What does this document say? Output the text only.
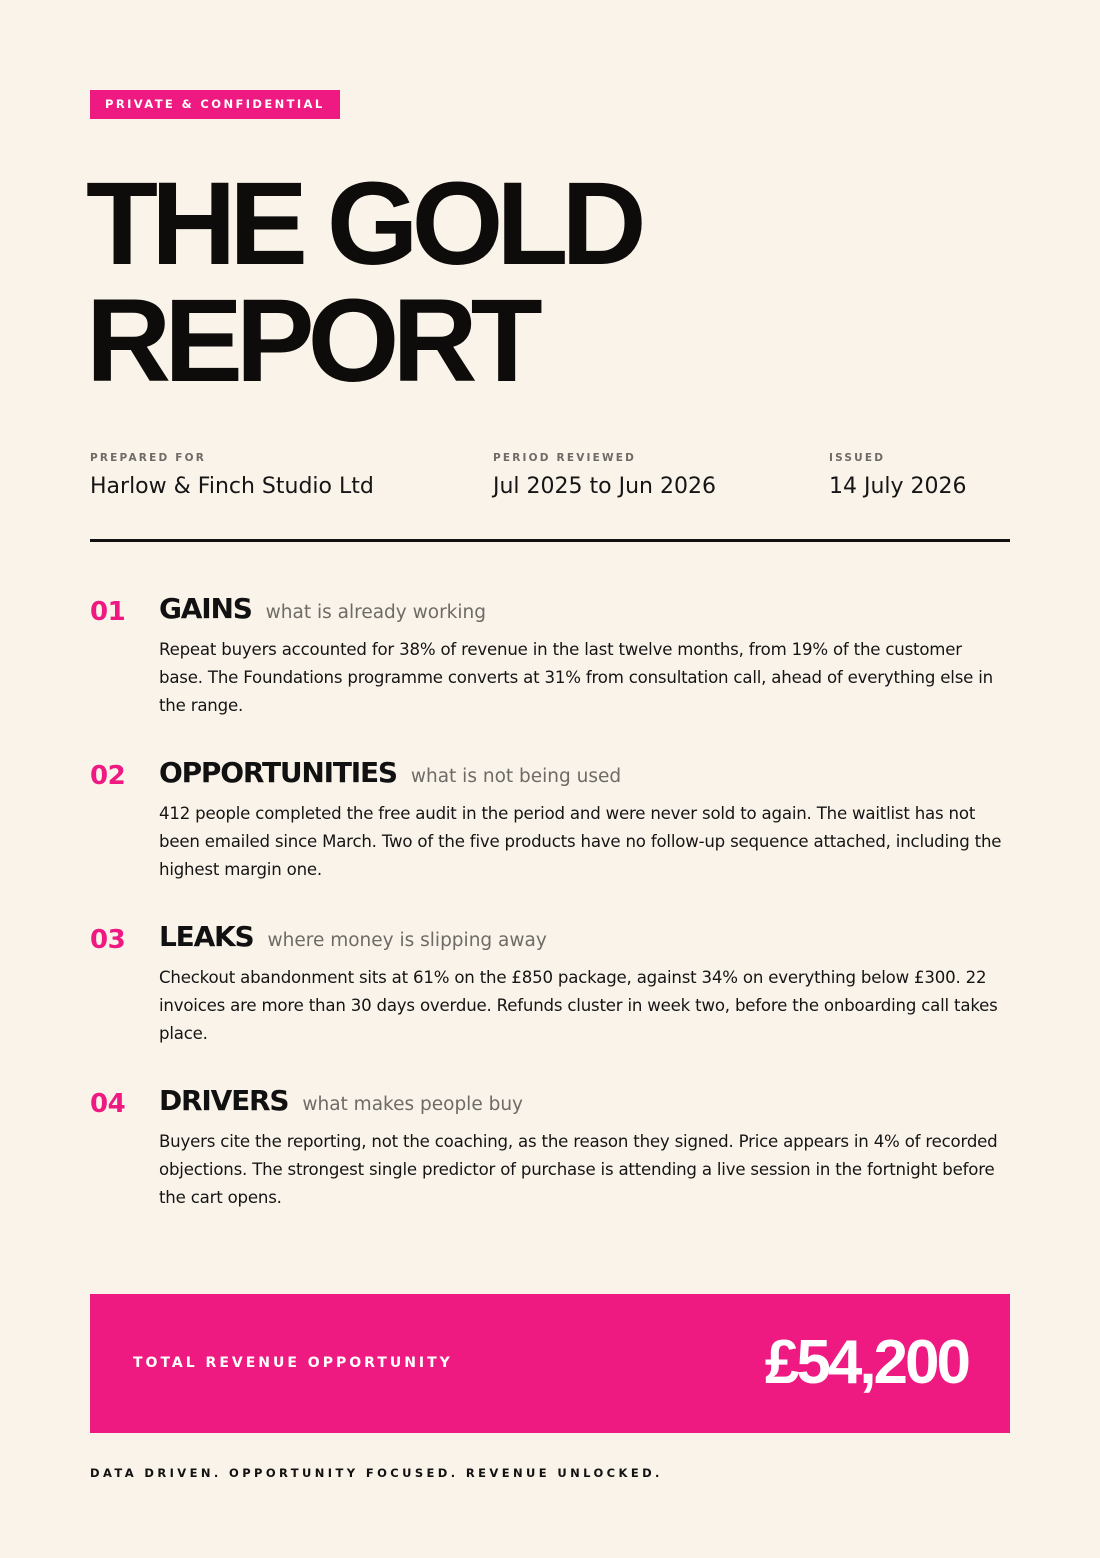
PRIVATE & CONFIDENTIAL
THE GOLD
REPORT
PREPARED FOR
Harlow & Finch Studio Ltd
PERIOD REVIEWED
Jul 2025 to Jun 2026
ISSUED
14 July 2026
01 GAINS what is already working

Repeat buyers accounted for 38% of revenue in the last twelve months, from 19% of the customer base. The Foundations programme converts at 31% from consultation call, ahead of everything else in the range.

02 OPPORTUNITIES what is not being used

412 people completed the free audit in the period and were never sold to again. The waitlist has not been emailed since March. Two of the five products have no follow-up sequence attached, including the highest margin one.

03 LEAKS where money is slipping away

Checkout abandonment sits at 61% on the £850 package, against 34% on everything below £300. 22 invoices are more than 30 days overdue. Refunds cluster in week two, before the onboarding call takes place.

04 DRIVERS what makes people buy

Buyers cite the reporting, not the coaching, as the reason they signed. Price appears in 4% of recorded objections. The strongest single predictor of purchase is attending a live session in the fortnight before the cart opens.

TOTAL REVENUE OPPORTUNITY	£54,200
DATA DRIVEN. OPPORTUNITY FOCUSED. REVENUE UNLOCKED.
